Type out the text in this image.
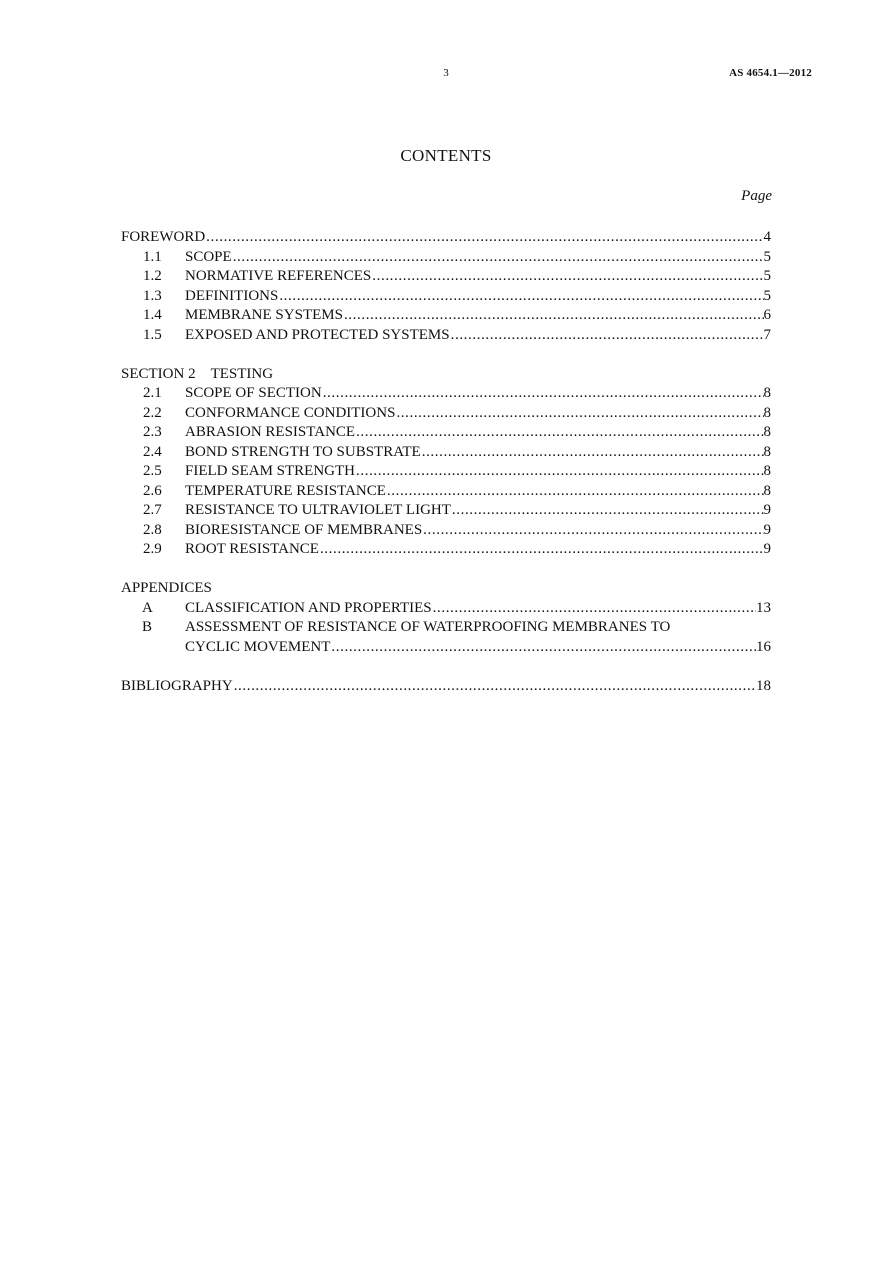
3	AS 4654.1—2012
CONTENTS
Page
FOREWORD .....	4
1.1	SCOPE .....	5
1.2	NORMATIVE REFERENCES .....	5
1.3	DEFINITIONS .....	5
1.4	MEMBRANE SYSTEMS .....	6
1.5	EXPOSED AND PROTECTED SYSTEMS .....	7
SECTION 2 TESTING
2.1	SCOPE OF SECTION .....	8
2.2	CONFORMANCE CONDITIONS .....	8
2.3	ABRASION RESISTANCE .....	8
2.4	BOND STRENGTH TO SUBSTRATE .....	8
2.5	FIELD SEAM STRENGTH .....	8
2.6	TEMPERATURE RESISTANCE .....	8
2.7	RESISTANCE TO ULTRAVIOLET LIGHT .....	9
2.8	BIORESISTANCE OF MEMBRANES .....	9
2.9	ROOT RESISTANCE .....	9
APPENDICES
A	CLASSIFICATION AND PROPERTIES .....	13
B	ASSESSMENT OF RESISTANCE OF WATERPROOFING MEMBRANES TO
CYCLIC MOVEMENT .....	16
BIBLIOGRAPHY .....	18
